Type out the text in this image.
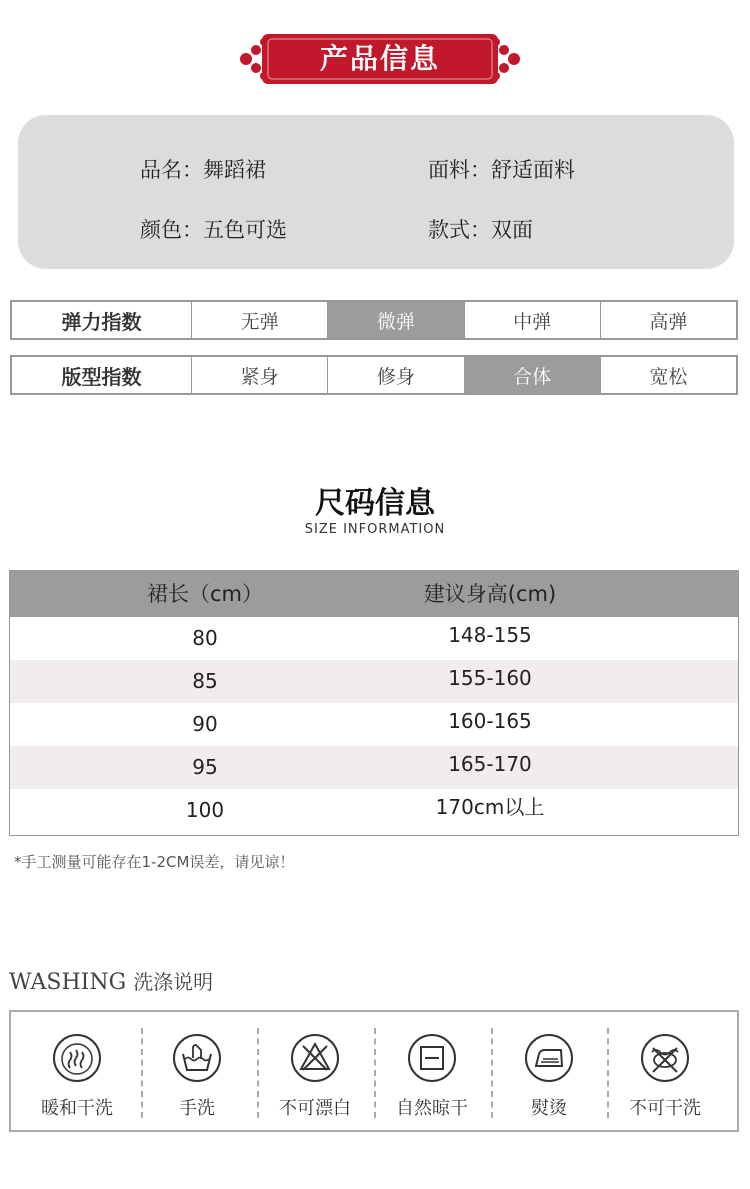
产品信息
品名：舞蹈裙	面料：舒适面料
颜色：五色可选	款式：双面
弹力指数	无弹	微弹	中弹	高弹
版型指数	紧身	修身	合体	宽松
尺码信息
SIZE INFORMATION
裙长（cm）	建议身高(cm)
80	148-155
85	155-160
90	160-165
95	165-170
100	170cm以上
*手工测量可能存在1-2CM误差，请见谅！
WASHING 洗涤说明
暖和干洗	手洗	不可漂白	自然晾干	熨烫	不可干洗
